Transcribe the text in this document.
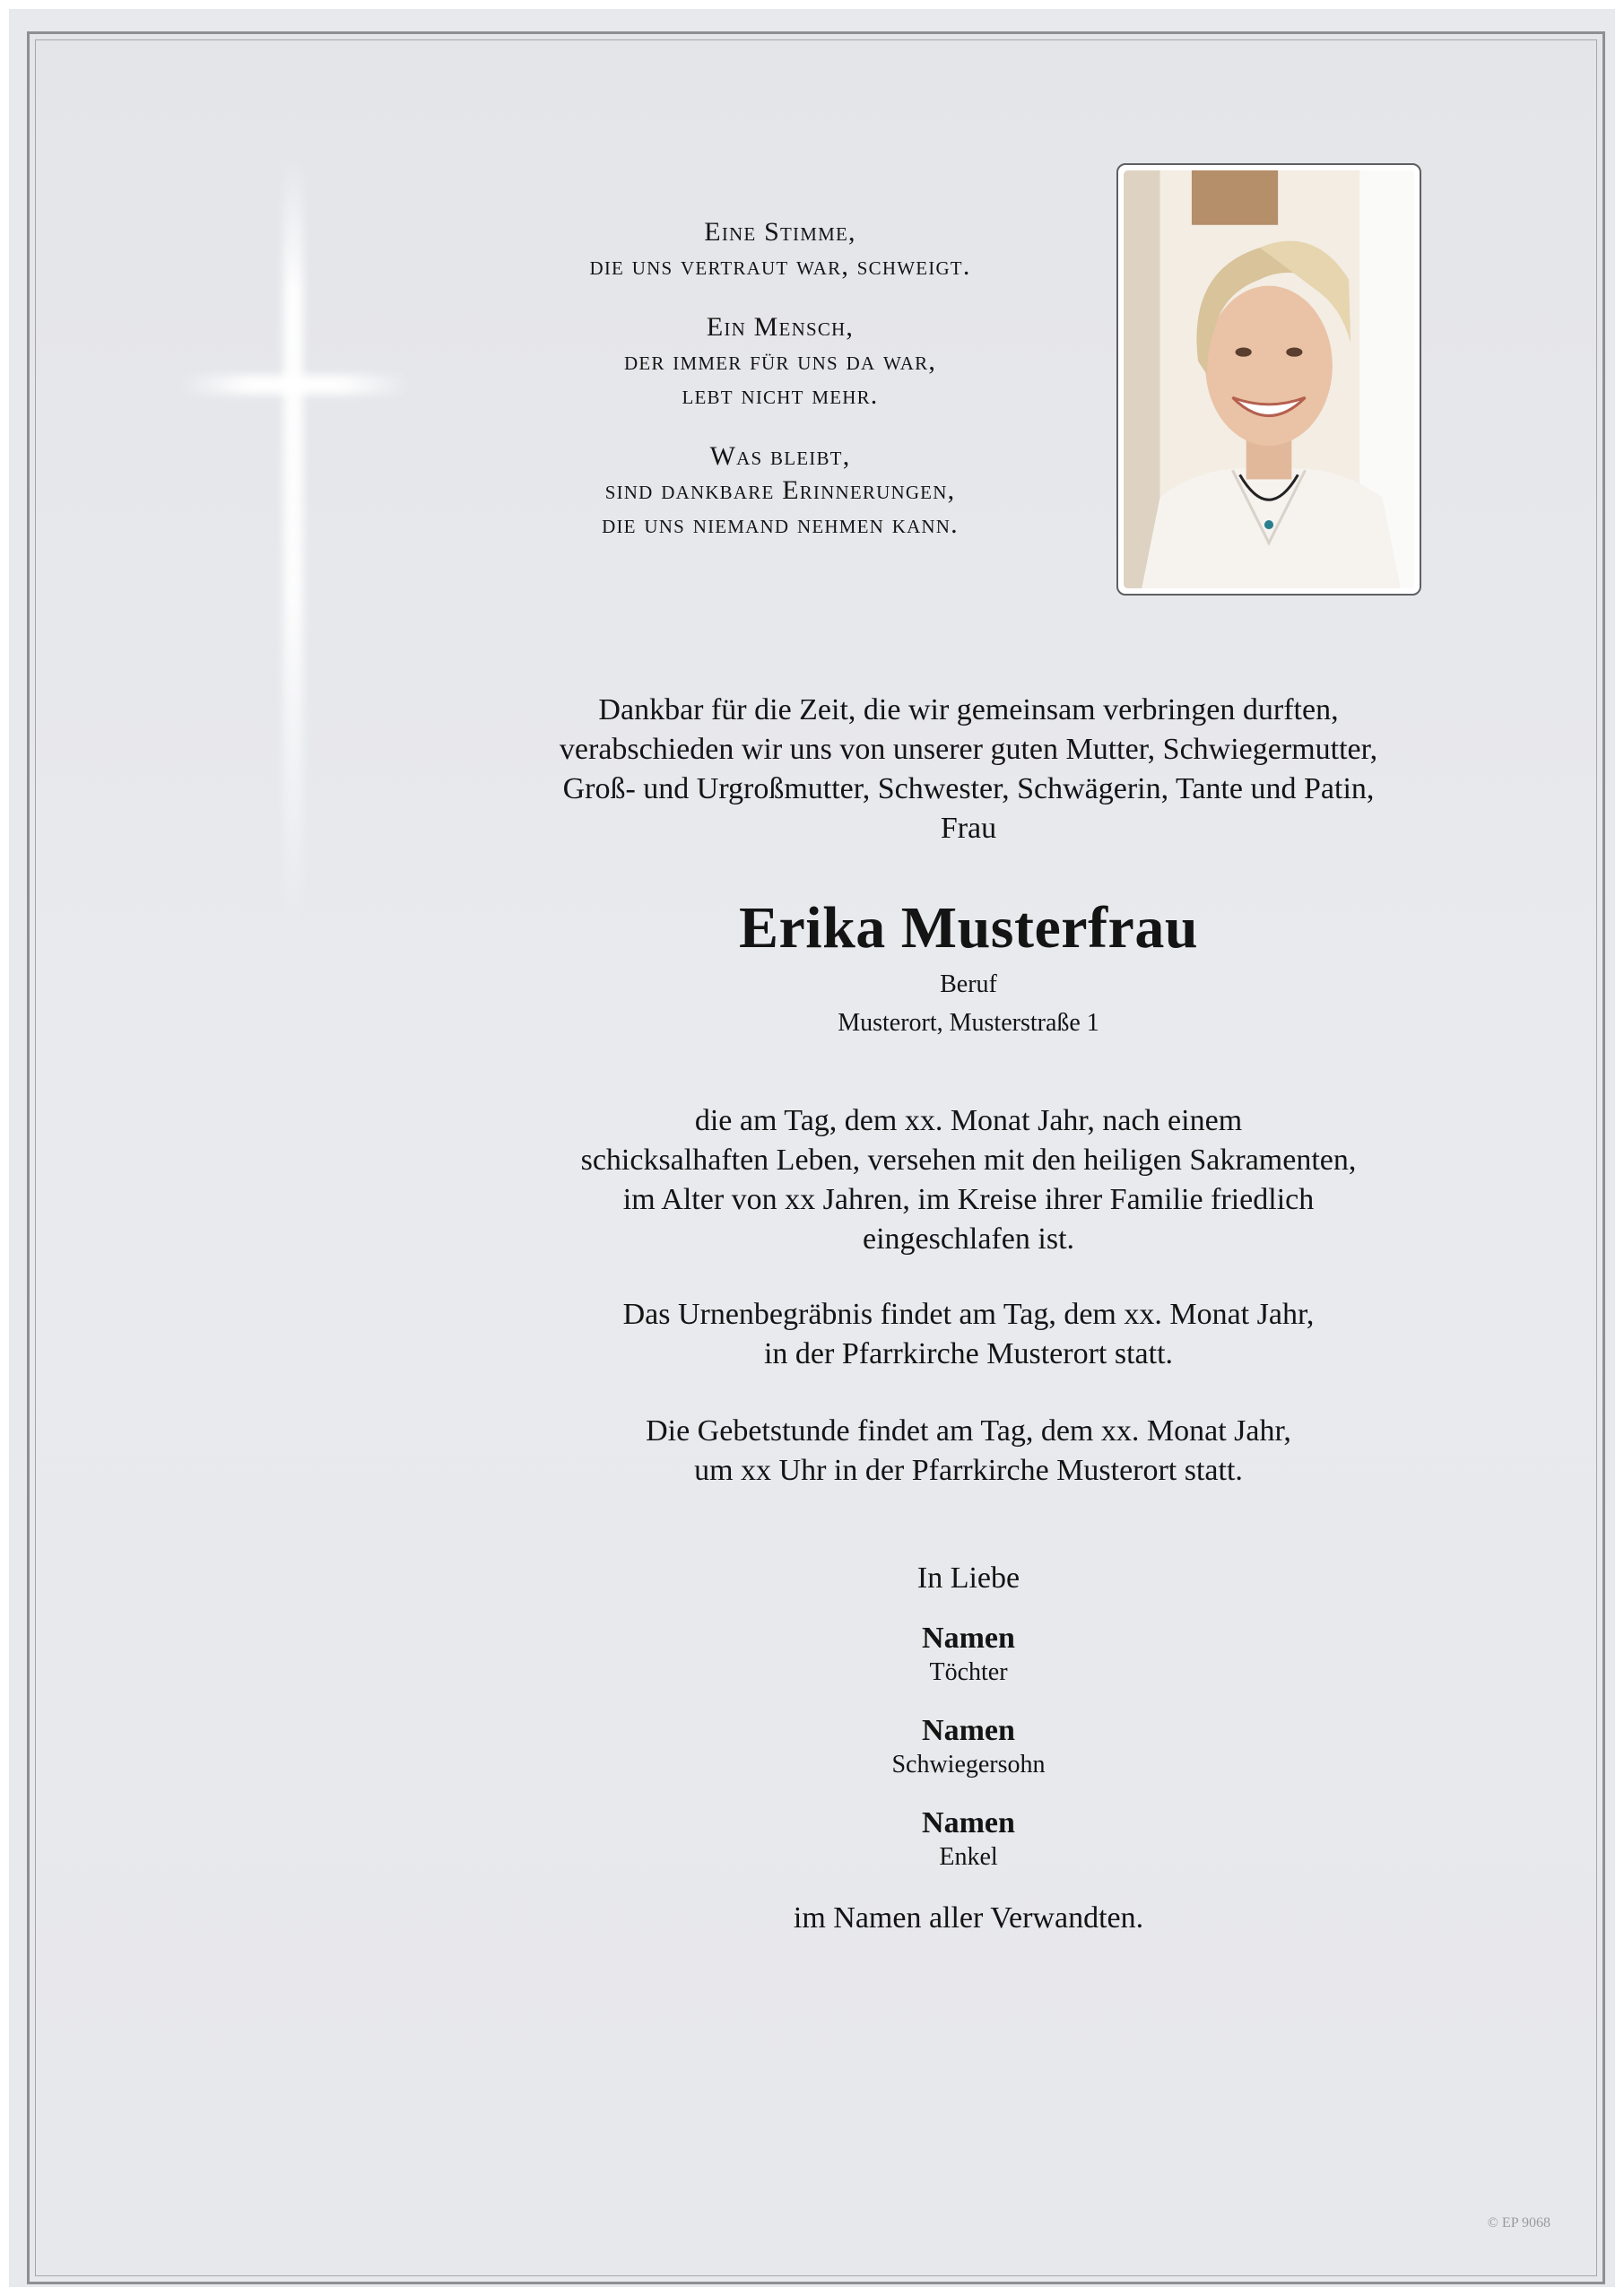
Eine Stimme,
die uns vertraut war, schweigt.
Ein Mensch,
der immer für uns da war,
lebt nicht mehr.
Was bleibt,
sind dankbare Erinnerungen,
die uns niemand nehmen kann.
Dankbar für die Zeit, die wir gemeinsam verbringen durften,
verabschieden wir uns von unserer guten Mutter, Schwiegermutter,
Groß- und Urgroßmutter, Schwester, Schwägerin, Tante und Patin,
Frau
Erika Musterfrau
Beruf
Musterort, Musterstraße 1
die am Tag, dem xx. Monat Jahr, nach einem
schicksalhaften Leben, versehen mit den heiligen Sakramenten,
im Alter von xx Jahren, im Kreise ihrer Familie friedlich
eingeschlafen ist.
Das Urnenbegräbnis findet am Tag, dem xx. Monat Jahr,
in der Pfarrkirche Musterort statt.
Die Gebetstunde findet am Tag, dem xx. Monat Jahr,
um xx Uhr in der Pfarrkirche Musterort statt.
In Liebe
Namen
Töchter
Namen
Schwiegersohn
Namen
Enkel
im Namen aller Verwandten.
© EP 9068
